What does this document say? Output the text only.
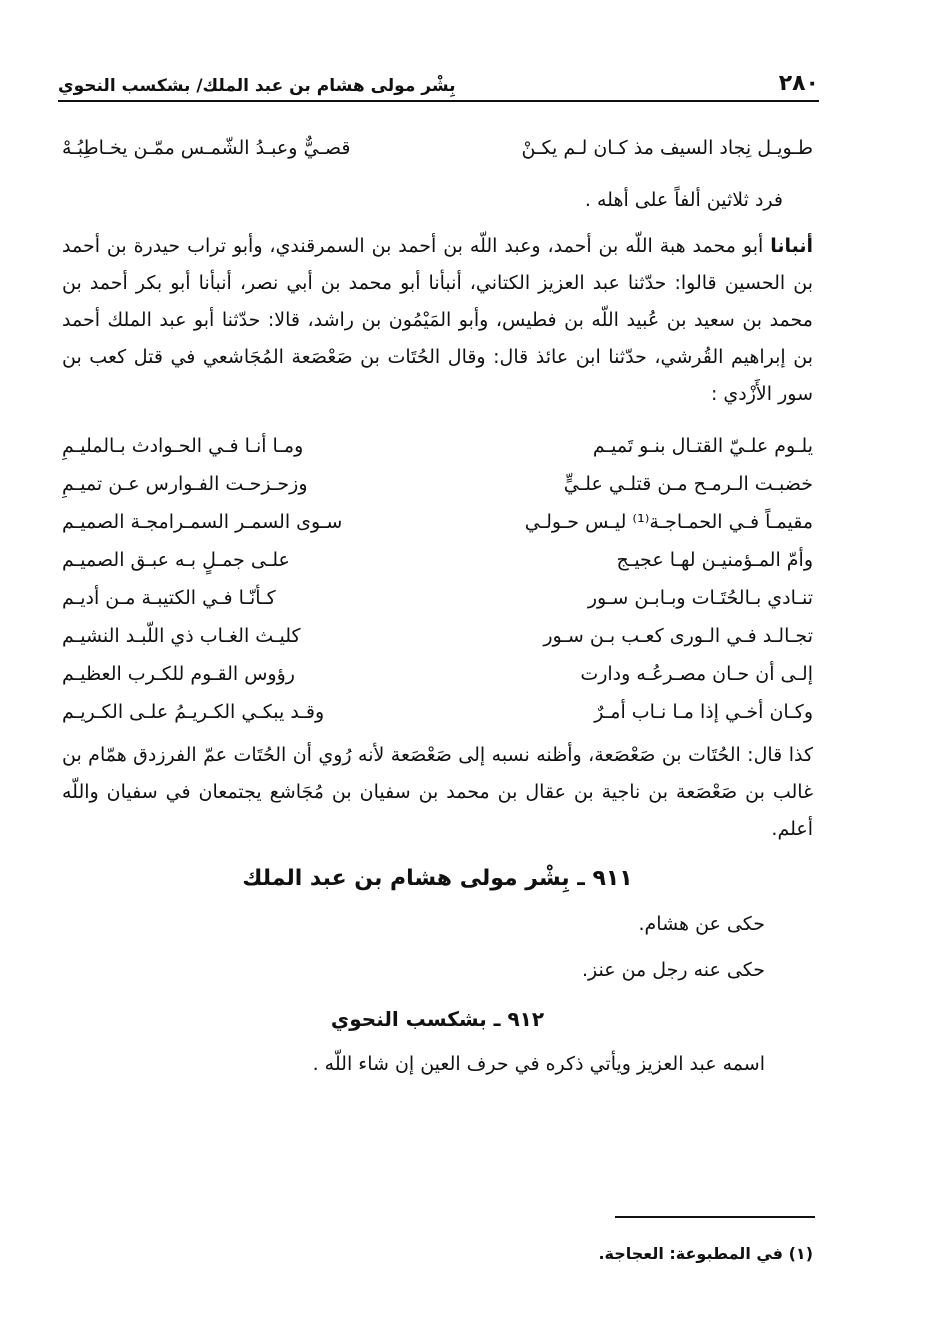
٢٨٠
بِشْر مولى هشام بن عبد الملك/ بشكسب النحوي
طـويـل نِجاد السيف مذ كـان لـم يكـنْ
قصـيٌّ وعبـدُ الشّمـس ممّـن يخـاطِبُـهْ
فرد ثلاثين ألفاً على أهله .

أنبانا أبو محمد هبة اللّه بن أحمد، وعبد اللّه بن أحمد بن السمرقندي، وأبو تراب حيدرة بن أحمد بن الحسين قالوا: حدّثنا عبد العزيز الكتاني، أنبأنا أبو محمد بن أبي نصر، أنبأنا أبو بكر أحمد بن محمد بن سعيد بن عُبيد اللّه بن فطيس، وأبو المَيْمُون بن راشد، قالا: حدّثنا أبو عبد الملك أحمد بن إبراهيم القُرشي، حدّثنا ابن عائذ قال: وقال الحُتَات بن صَعْصَعة المُجَاشعي في قتل كعب بن سور الأَزْدي :

يلـوم علـيّ القتـال بنـو تَميـم
ومـا أنـا فـي الحـوادث بـالمليـمِ
خضبـت الـرمـح مـن قتلـي علـيٍّ
وزحـزحـت الفـوارس عـن تميـمِ
مقيمـاً فـي الحمـاجـة⁽¹⁾ ليـس حـولـي
سـوى السمـر السمـرامجـة الصميـم
وأمّ المـؤمنيـن لهـا عجيـج
علـى جمـلٍ بـه عبـق الصميـم
تنـادي بـالحُتَـات وبـابـن سـور
كـأنّـا فـي الكتيبـة مـن أديـم
تجـالـد فـي الـورى كعـب بـن سـور
كليـث الغـاب ذي اللّبـد النشيـم
إلـى أن حـان مصـرعُـه ودارت
رؤوس القـوم للكـرب العظيـم
وكـان أخـي إذا مـا نـاب أمـرٌ
وقـد يبكـي الكـريـمُ علـى الكـريـم

كذا قال: الحُتَات بن صَعْصَعة، وأظنه نسبه إلى صَعْصَعة لأنه رُوي أن الحُتَات عمّ الفرزدق همّام بن غالب بن صَعْصَعة بن ناجية بن عقال بن محمد بن سفيان بن مُجَاشع يجتمعان في سفيان واللّه أعلم.

٩١١ ـ بِشْر مولى هشام بن عبد الملك
حكى عن هشام.
حكى عنه رجل من عنز.
٩١٢ ـ بشكسب النحوي
اسمه عبد العزيز ويأتي ذكره في حرف العين إن شاء اللّه .
(١) في المطبوعة: العجاجة.
